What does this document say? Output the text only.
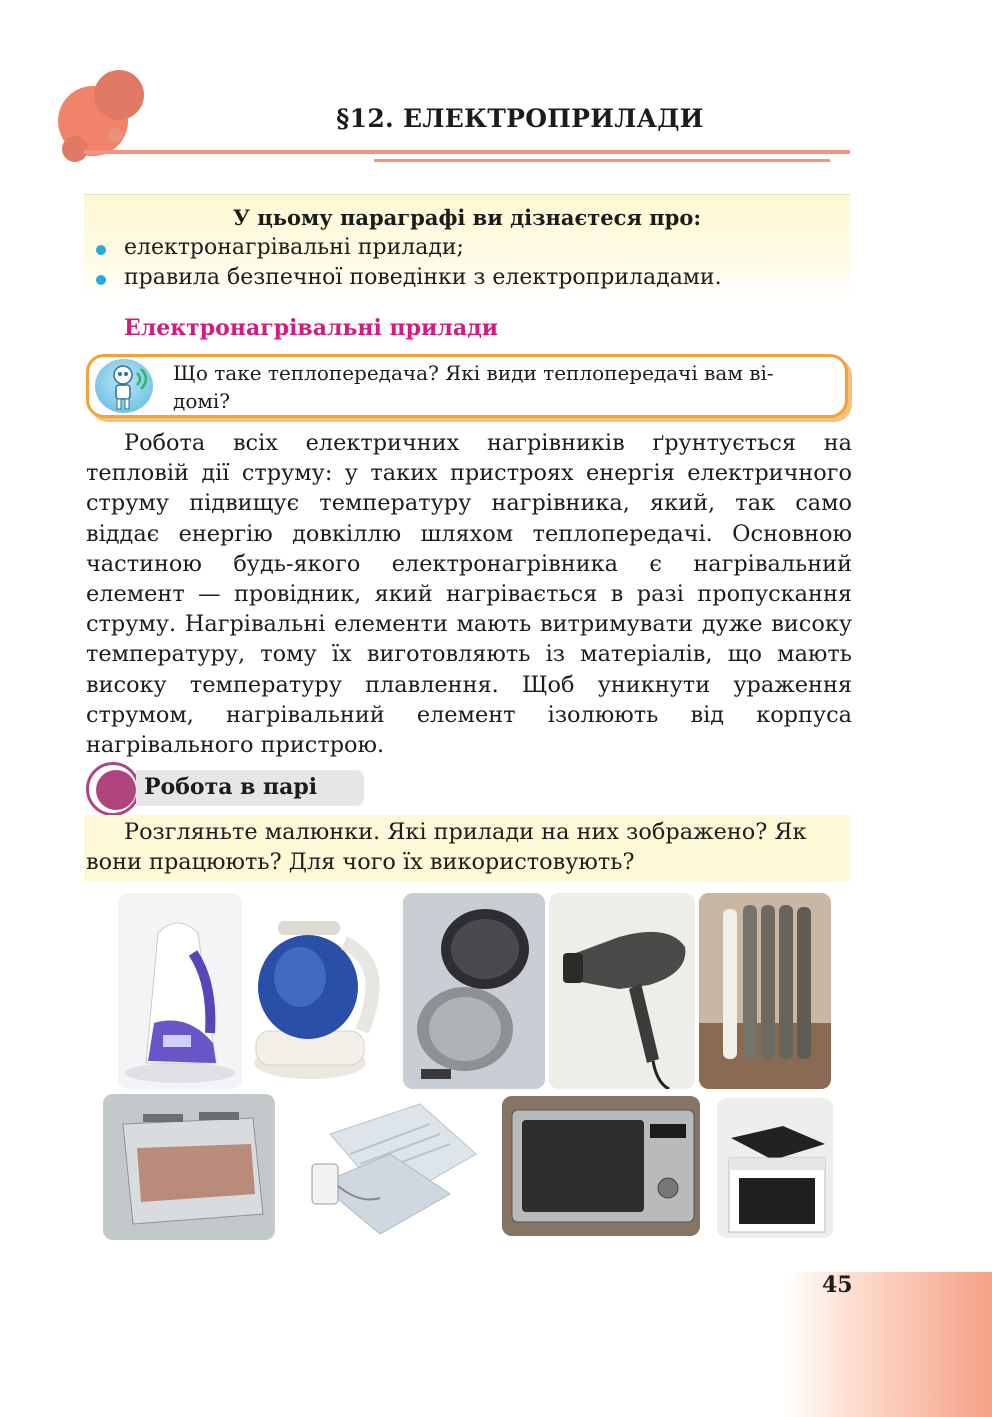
§12. ЕЛЕКТРОПРИЛАДИ
У цьому параграфі ви дізнаєтеся про:
електронагрівальні прилади;
правила безпечної поведінки з електроприладами.
Електронагрівальні прилади
Що таке теплопередача? Які види теплопередачі вам ві-
домі?

Робота всіх електричних нагрівників ґрунтується на тепловій дії струму: у таких пристроях енергія електричного струму підвищує температуру нагрівника, який, так само віддає енергію довкіллю шляхом теплопередачі. Основною частиною будь-якого електронагрівника є нагрівальний елемент — провідник, який нагрівається в разі пропускання струму. Нагрівальні елементи мають витримувати дуже високу температуру, тому їх виготовляють із матеріалів, що мають високу температуру плавлення. Щоб уникнути ураження струмом, нагрівальний елемент ізолюють від корпуса нагрівального пристрою.

Робота в парі

Розгляньте малюнки. Які прилади на них зображено? Як вони працюють? Для чого їх використовують?

45
